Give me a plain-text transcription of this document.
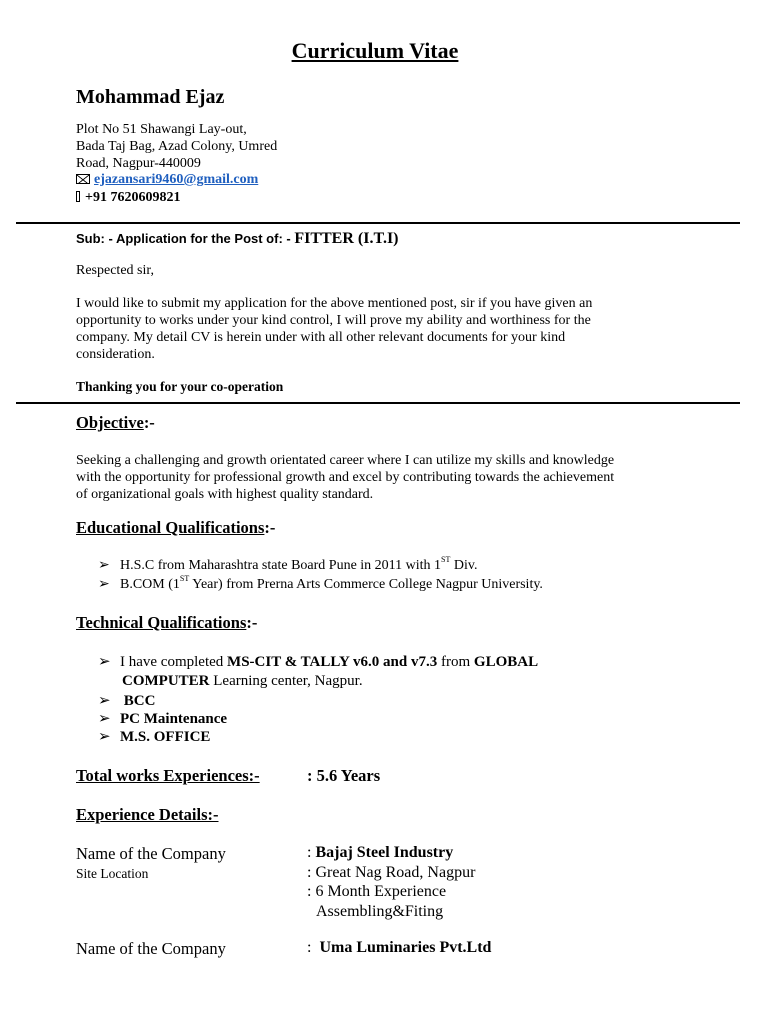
Curriculum Vitae
Mohammad Ejaz
Plot No 51 Shawangi Lay-out,
Bada Taj Bag, Azad Colony, Umred
Road, Nagpur-440009
ejazansari9460@gmail.com
+91 7620609821
Sub: - Application for the Post of: - FITTER (I.T.I)
Respected sir,
I would like to submit my application for the above mentioned post, sir if you have given an
opportunity to works under your kind control, I will prove my ability and worthiness for the
company. My detail CV is herein under with all other relevant documents for your kind
consideration.
Thanking you for your co-operation
Objective:-
Seeking a challenging and growth orientated career where I can utilize my skills and knowledge
with the opportunity for professional growth and excel by contributing towards the achievement
of organizational goals with highest quality standard.
Educational Qualifications:-
➢ H.S.C from Maharashtra state Board Pune in 2011 with 1ST Div.
➢ B.COM (1ST Year) from Prerna Arts Commerce College Nagpur University.
Technical Qualifications:-
➢ I have completed MS-CIT & TALLY v6.0 and v7.3 from GLOBAL
COMPUTER Learning center, Nagpur.
➢ BCC
➢ PC Maintenance
➢ M.S. OFFICE
Total works Experiences:-	: 5.6 Years
Experience Details:-
Name of the Company	: Bajaj Steel Industry
Site Location	: Great Nag Road, Nagpur
: 6 Month Experience
Assembling&Fiting
Name of the Company	:  Uma Luminaries Pvt.Ltd
